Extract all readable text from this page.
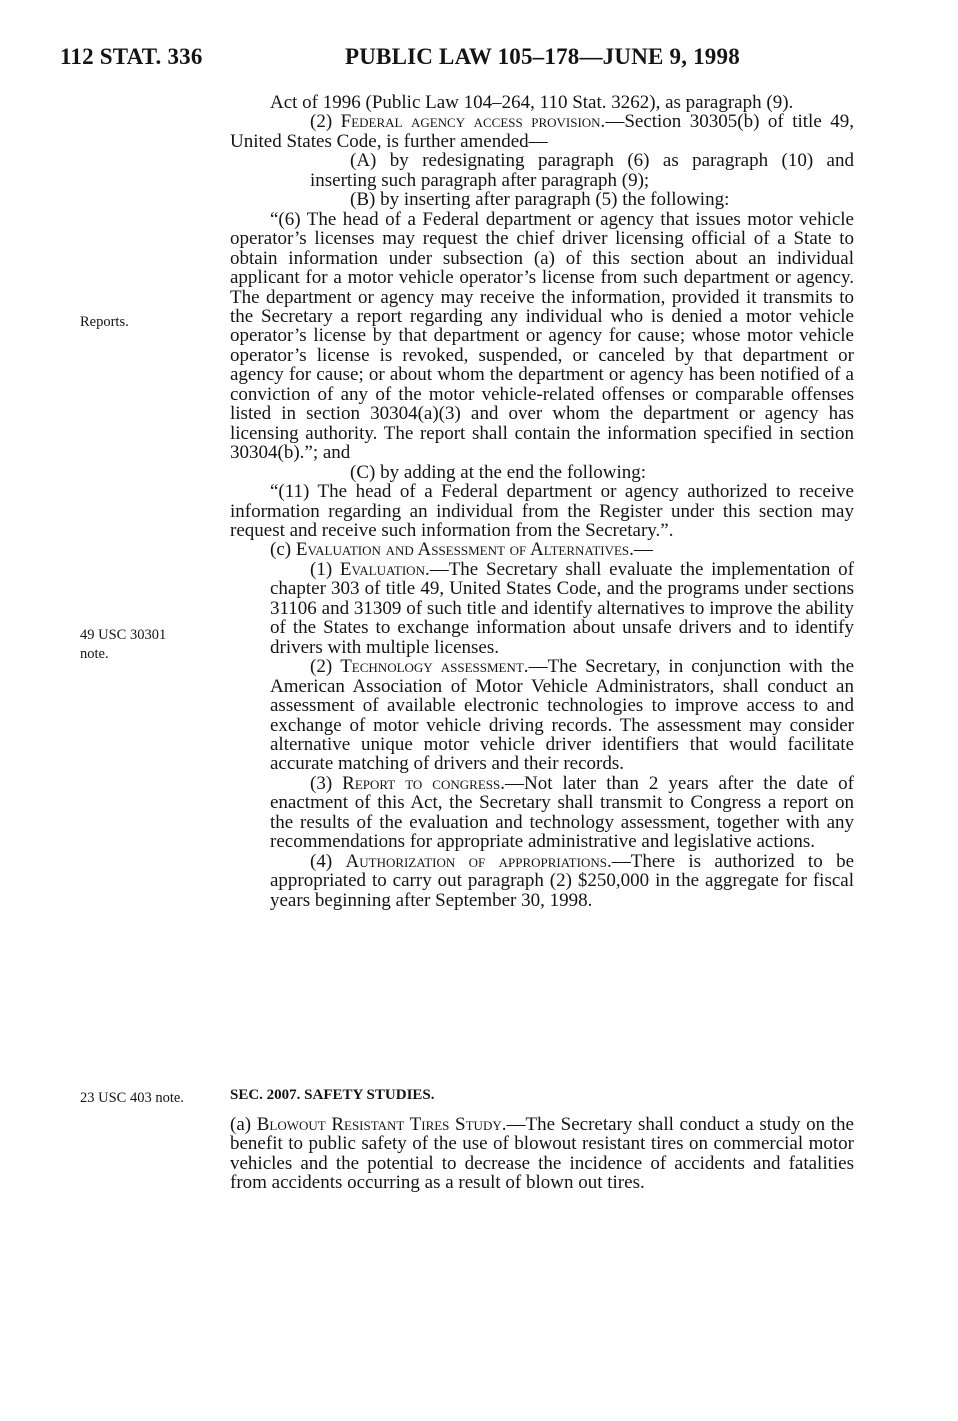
112 STAT. 336	PUBLIC LAW 105–178—JUNE 9, 1998
Reports.
49 USC 30301
note.
23 USC 403 note.

Act of 1996 (Public Law 104–264, 110 Stat. 3262), as paragraph (9).

(2) Federal agency access provision.—Section 30305(b) of title 49, United States Code, is further amended—

(A) by redesignating paragraph (6) as paragraph (10) and inserting such paragraph after paragraph (9);

(B) by inserting after paragraph (5) the following:

“(6) The head of a Federal department or agency that issues motor vehicle operator’s licenses may request the chief driver licensing official of a State to obtain information under subsection (a) of this section about an individual applicant for a motor vehicle operator’s license from such department or agency. The department or agency may receive the information, provided it transmits to the Secretary a report regarding any individual who is denied a motor vehicle operator’s license by that department or agency for cause; whose motor vehicle operator’s license is revoked, suspended, or canceled by that department or agency for cause; or about whom the department or agency has been notified of a conviction of any of the motor vehicle-related offenses or comparable offenses listed in section 30304(a)(3) and over whom the department or agency has licensing authority. The report shall contain the information specified in section 30304(b).”; and

(C) by adding at the end the following:

“(11) The head of a Federal department or agency authorized to receive information regarding an individual from the Register under this section may request and receive such information from the Secretary.”.

(c) Evaluation and Assessment of Alternatives.—

(1) Evaluation.—The Secretary shall evaluate the implementation of chapter 303 of title 49, United States Code, and the programs under sections 31106 and 31309 of such title and identify alternatives to improve the ability of the States to exchange information about unsafe drivers and to identify drivers with multiple licenses.

(2) Technology assessment.—The Secretary, in conjunction with the American Association of Motor Vehicle Administrators, shall conduct an assessment of available electronic technologies to improve access to and exchange of motor vehicle driving records. The assessment may consider alternative unique motor vehicle driver identifiers that would facilitate accurate matching of drivers and their records.

(3) Report to congress.—Not later than 2 years after the date of enactment of this Act, the Secretary shall transmit to Congress a report on the results of the evaluation and technology assessment, together with any recommendations for appropriate administrative and legislative actions.

(4) Authorization of appropriations.—There is authorized to be appropriated to carry out paragraph (2) $250,000 in the aggregate for fiscal years beginning after September 30, 1998.

SEC. 2007. SAFETY STUDIES.

(a) Blowout Resistant Tires Study.—The Secretary shall conduct a study on the benefit to public safety of the use of blowout resistant tires on commercial motor vehicles and the potential to decrease the incidence of accidents and fatalities from accidents occurring as a result of blown out tires.
